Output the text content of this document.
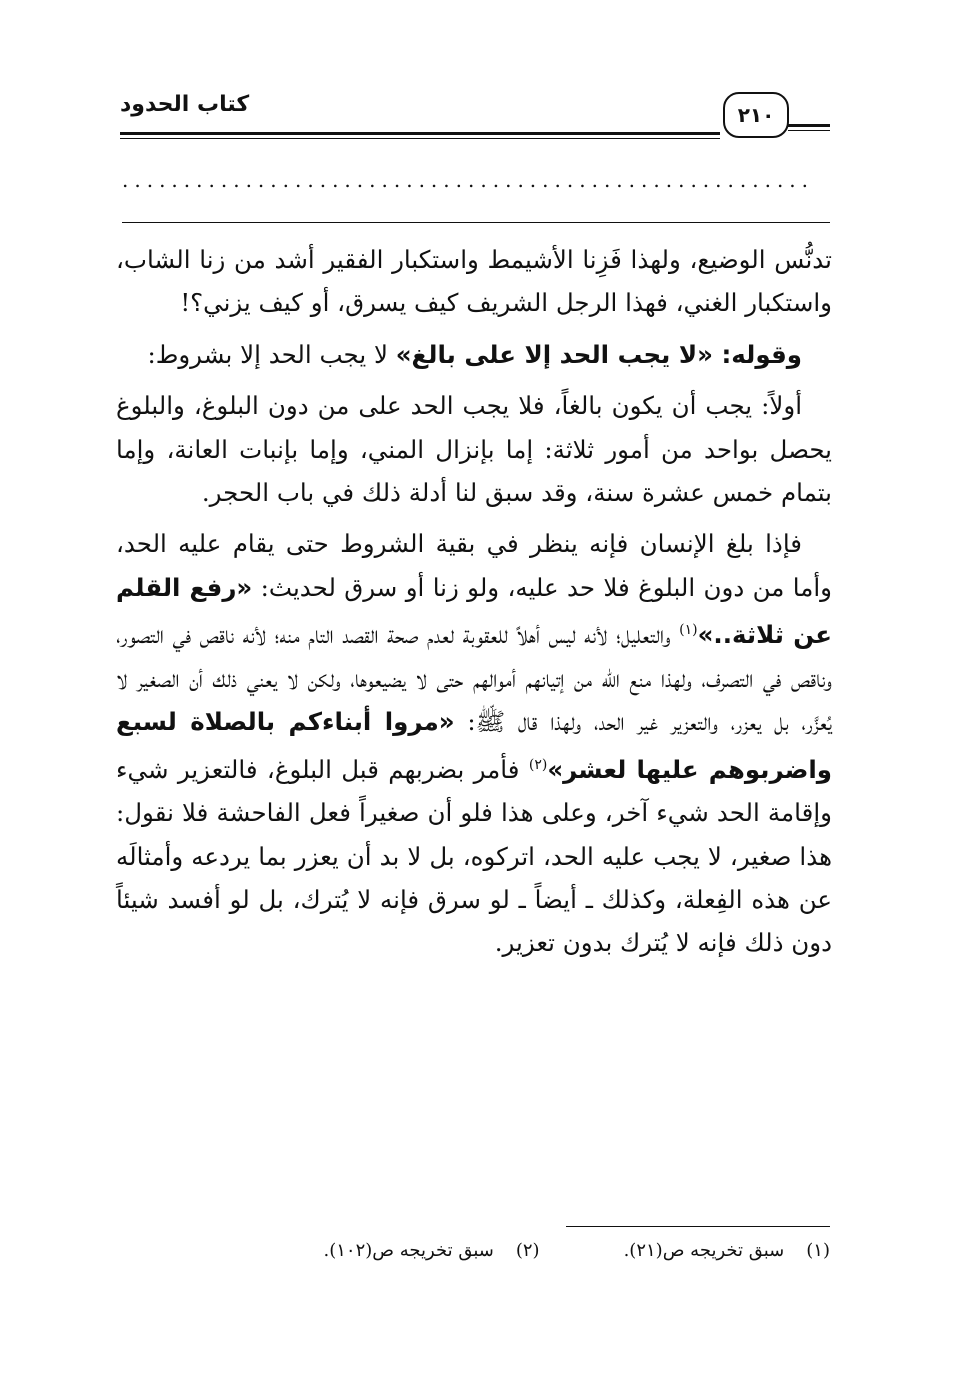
كتاب الحدود	٢١٠
........................................................

تدنُّس الوضيع، ولهذا فَزِنا الأشيمط واستكبار الفقير أشد من زنا الشاب، واستكبار الغني، فهذا الرجل الشريف كيف يسرق، أو كيف يزني؟!

وقوله: «لا يجب الحد إلا على بالغ» لا يجب الحد إلا بشروط:

أولاً: يجب أن يكون بالغاً، فلا يجب الحد على من دون البلوغ، والبلوغ يحصل بواحد من أمور ثلاثة: إما بإنزال المني، وإما بإنبات العانة، وإما بتمام خمس عشرة سنة، وقد سبق لنا أدلة ذلك في باب الحجر.

فإذا بلغ الإنسان فإنه ينظر في بقية الشروط حتى يقام عليه الحد، وأما من دون البلوغ فلا حد عليه، ولو زنا أو سرق لحديث: «رفع القلم عن ثلاثة..»$^{(١)}$ والتعليل؛ لأنه ليس أهلاً للعقوبة لعدم صحة القصد التام منه؛ لأنه ناقص في التصور، وناقص في التصرف، ولهذا منع الله من إتيانهم أموالهم حتى لا يضيعوها، ولكن لا يعني ذلك أن الصغير لا يُعزَّر، بل يعزر، والتعزير غير الحد، ولهذا قال ﷺ: «مروا أبناءكم بالصلاة لسبع واضربوهم عليها لعشر»$^{(٢)}$ فأمر بضربهم قبل البلوغ، فالتعزير شيء وإقامة الحد شيء آخر، وعلى هذا فلو أن صغيراً فعل الفاحشة فلا نقول: هذا صغير، لا يجب عليه الحد، اتركوه، بل لا بد أن يعزر بما يردعه وأمثالَه عن هذه الفِعلة، وكذلك ـ أيضاً ـ لو سرق فإنه لا يُترك، بل لو أفسد شيئاً دون ذلك فإنه لا يُترك بدون تعزير.

(١)سبق تخريجه ص(٢١).
(٢)سبق تخريجه ص(١٠٢).
